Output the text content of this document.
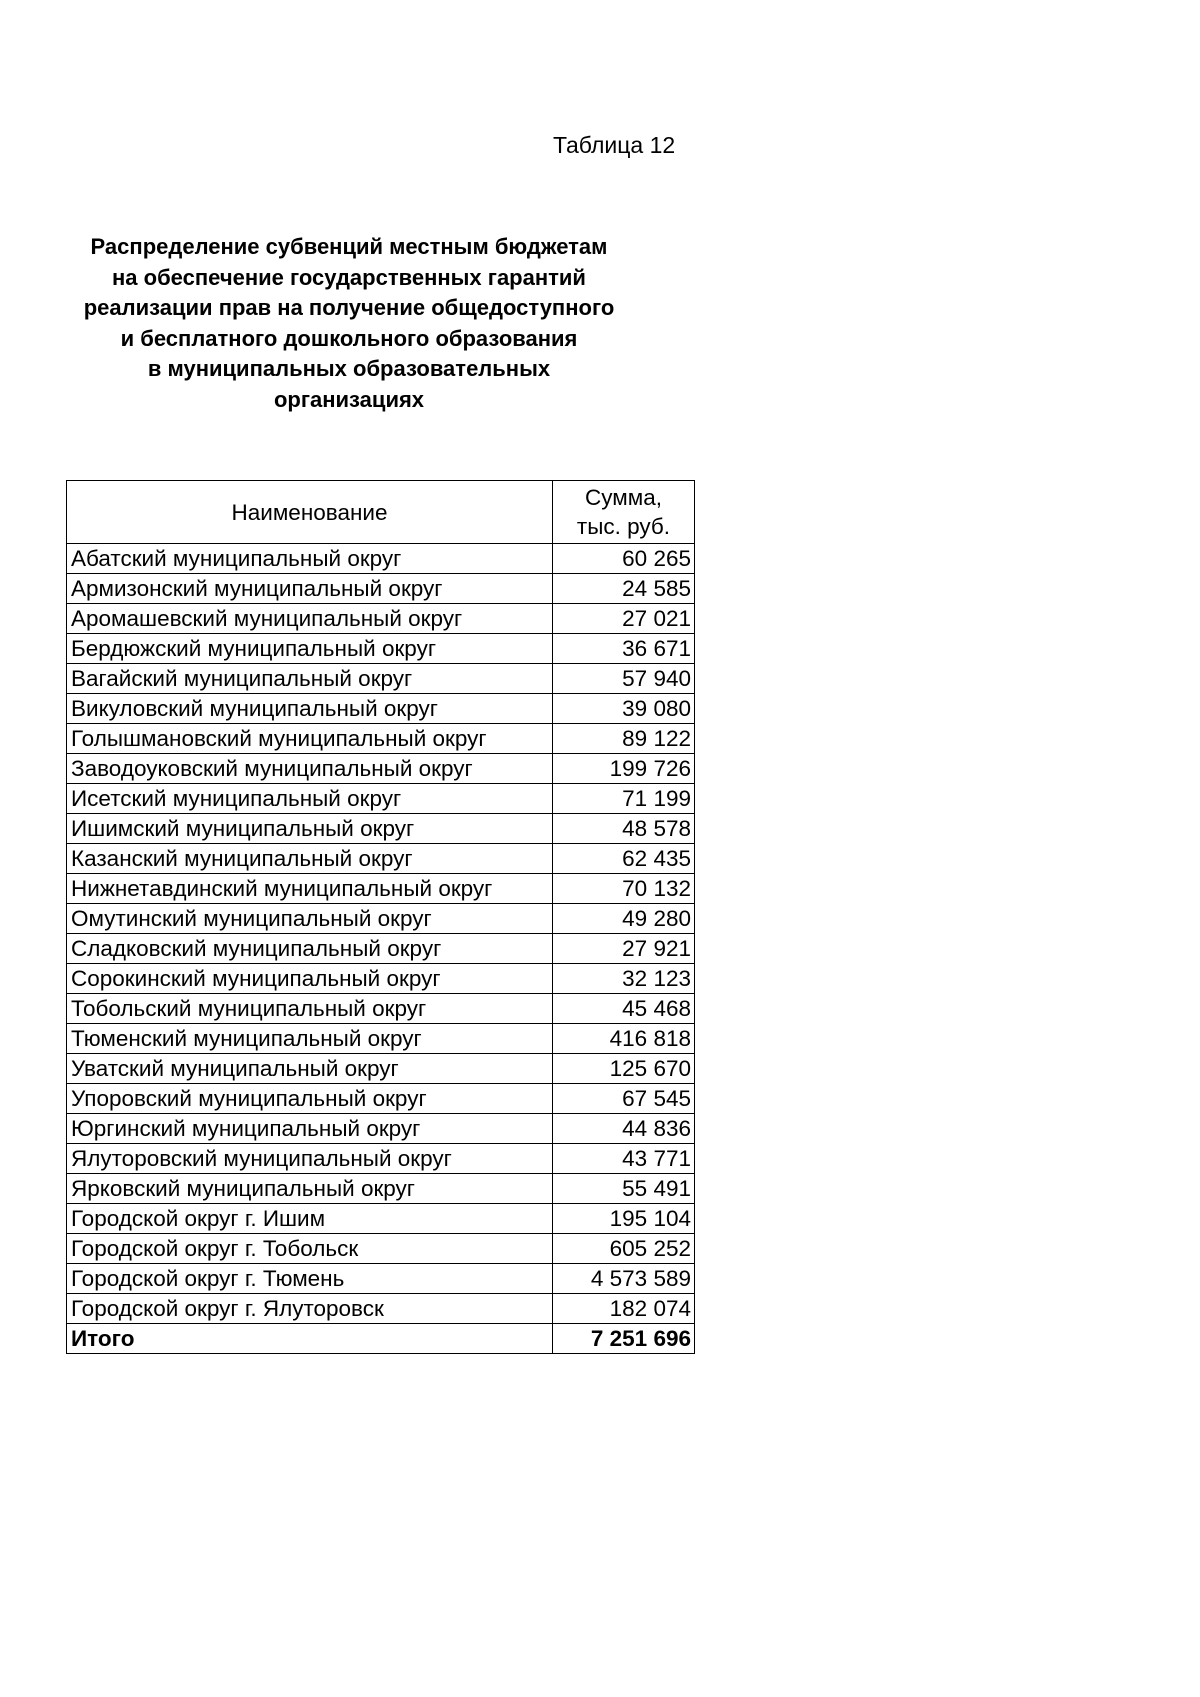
Таблица 12
Распределение субвенций местным бюджетам
на обеспечение государственных гарантий
реализации прав на получение общедоступного
и бесплатного дошкольного образования
в муниципальных образовательных
организациях
Наименование	Сумма,
тыс. руб.

Абатский муниципальный округ	60 265
Армизонский муниципальный округ	24 585
Аромашевский муниципальный округ	27 021
Бердюжский муниципальный округ	36 671
Вагайский муниципальный округ	57 940
Викуловский муниципальный округ	39 080
Голышмановский муниципальный округ	89 122
Заводоуковский муниципальный округ	199 726
Исетский муниципальный округ	71 199
Ишимский муниципальный округ	48 578
Казанский муниципальный округ	62 435
Нижнетавдинский муниципальный округ	70 132
Омутинский муниципальный округ	49 280
Сладковский муниципальный округ	27 921
Сорокинский муниципальный округ	32 123
Тобольский муниципальный округ	45 468
Тюменский муниципальный округ	416 818
Уватский муниципальный округ	125 670
Упоровский муниципальный округ	67 545
Юргинский муниципальный округ	44 836
Ялуторовский муниципальный округ	43 771
Ярковский муниципальный округ	55 491
Городской округ г. Ишим	195 104
Городской округ г. Тобольск	605 252
Городской округ г. Тюмень	4 573 589
Городской округ г. Ялуторовск	182 074
Итого	7 251 696
